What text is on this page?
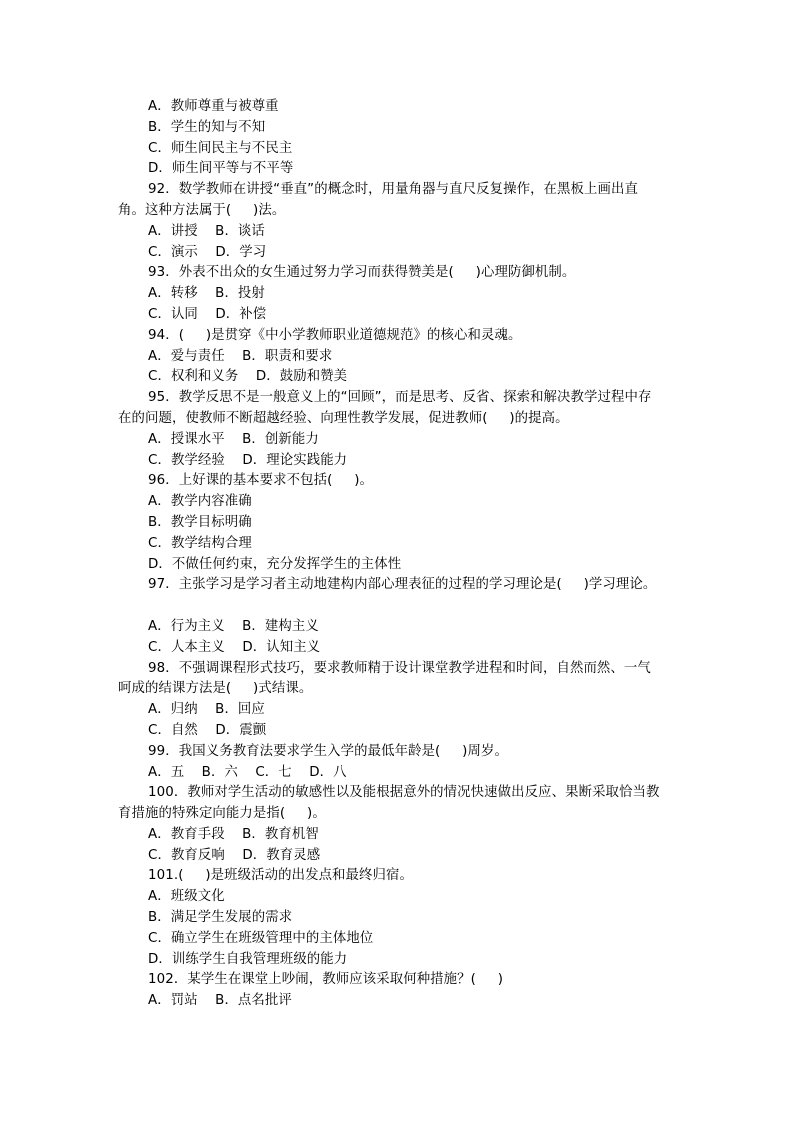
A．教师尊重与被尊重
B．学生的知与不知
C．师生间民主与不民主
D．师生间平等与不平等
92．数学教师在讲授“垂直”的概念时，用量角器与直尺反复操作，在黑板上画出直
角。这种方法属于(     )法。
A．讲授    B．谈话
C．演示    D．学习
93．外表不出众的女生通过努力学习而获得赞美是(     )心理防御机制。
A．转移    B．投射
C．认同    D．补偿
94．(     )是贯穿《中小学教师职业道德规范》的核心和灵魂。
A．爱与责任    B．职责和要求
C．权利和义务    D．鼓励和赞美
95．教学反思不是一般意义上的“回顾”，而是思考、反省、探索和解决教学过程中存
在的问题，使教师不断超越经验、向理性教学发展，促进教师(     )的提高。
A．授课水平    B．创新能力
C．教学经验    D．理论实践能力
96．上好课的基本要求不包括(     )。
A．教学内容准确
B．教学目标明确
C．教学结构合理
D．不做任何约束，充分发挥学生的主体性
97．主张学习是学习者主动地建构内部心理表征的过程的学习理论是(     )学习理论。
A．行为主义    B．建构主义
C．人本主义    D．认知主义
98．不强调课程形式技巧，要求教师精于设计课堂教学进程和时间，自然而然、一气
呵成的结课方法是(     )式结课。
A．归纳    B．回应
C．自然    D．震颤
99．我国义务教育法要求学生入学的最低年龄是(     )周岁。
A．五    B．六    C．七    D．八
100．教师对学生活动的敏感性以及能根据意外的情况快速做出反应、果断采取恰当教
育措施的特殊定向能力是指(     )。
A．教育手段    B．教育机智
C．教育反响    D．教育灵感
101.(     )是班级活动的出发点和最终归宿。
A．班级文化
B．满足学生发展的需求
C．确立学生在班级管理中的主体地位
D．训练学生自我管理班级的能力
102．某学生在课堂上吵闹，教师应该采取何种措施？(     )
A．罚站    B．点名批评
